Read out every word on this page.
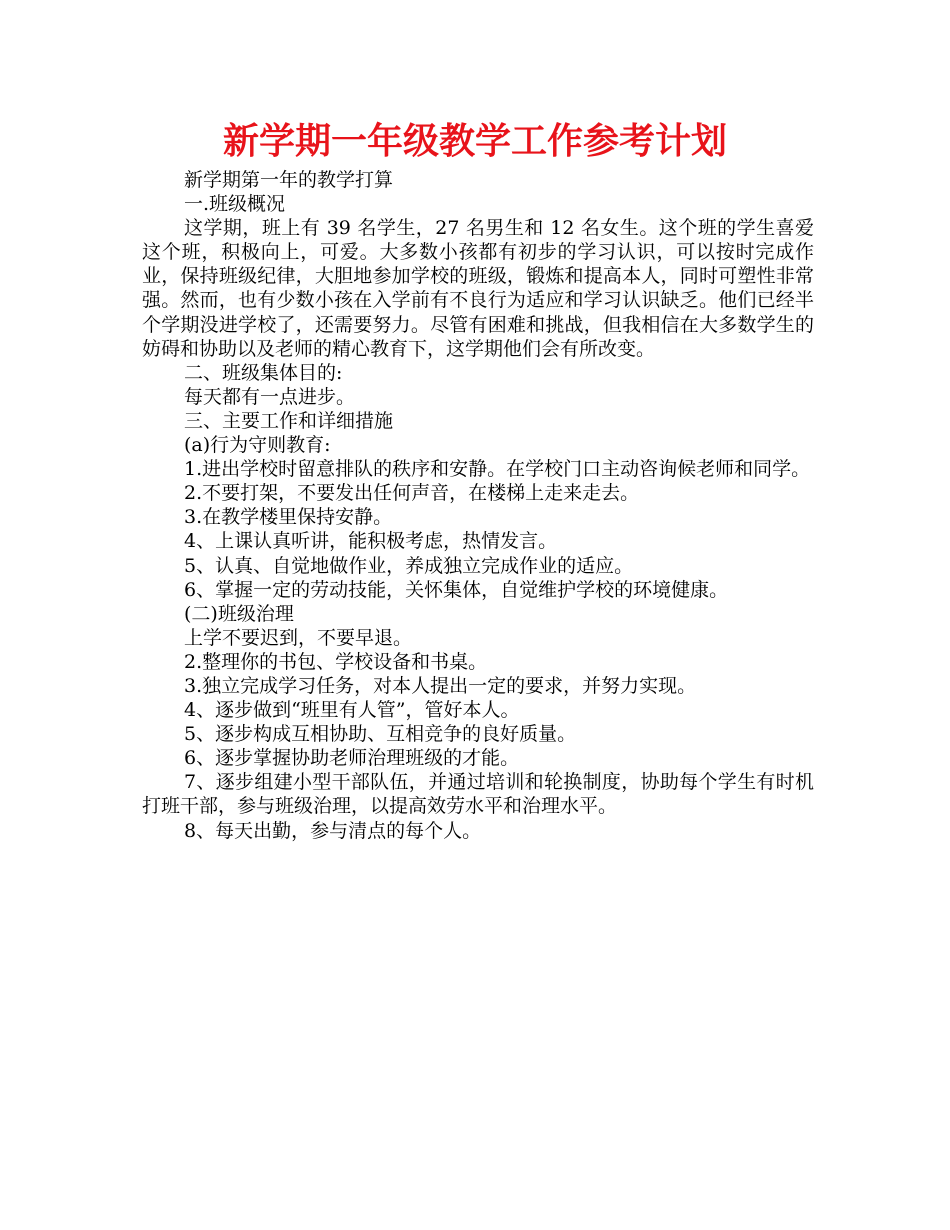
新学期一年级教学工作参考计划

新学期第一年的教学打算

一.班级概况

这学期，班上有 39 名学生，27 名男生和 12 名女生。这个班的学生喜爱这个班，积极向上，可爱。大多数小孩都有初步的学习认识，可以按时完成作业，保持班级纪律，大胆地参加学校的班级，锻炼和提高本人，同时可塑性非常强。然而，也有少数小孩在入学前有不良行为适应和学习认识缺乏。他们已经半个学期没进学校了，还需要努力。尽管有困难和挑战，但我相信在大多数学生的妨碍和协助以及老师的精心教育下，这学期他们会有所改变。

二、班级集体目的:

每天都有一点进步。

三、主要工作和详细措施

(a)行为守则教育:

1.进出学校时留意排队的秩序和安静。在学校门口主动咨询候老师和同学。

2.不要打架，不要发出任何声音，在楼梯上走来走去。

3.在教学楼里保持安静。

4、上课认真听讲，能积极考虑，热情发言。

5、认真、自觉地做作业，养成独立完成作业的适应。

6、掌握一定的劳动技能，关怀集体，自觉维护学校的环境健康。

(二)班级治理

上学不要迟到，不要早退。

2.整理你的书包、学校设备和书桌。

3.独立完成学习任务，对本人提出一定的要求，并努力实现。

4、逐步做到“班里有人管”，管好本人。

5、逐步构成互相协助、互相竞争的良好质量。

6、逐步掌握协助老师治理班级的才能。

7、逐步组建小型干部队伍，并通过培训和轮换制度，协助每个学生有时机打班干部，参与班级治理，以提高效劳水平和治理水平。

8、每天出勤，参与清点的每个人。
